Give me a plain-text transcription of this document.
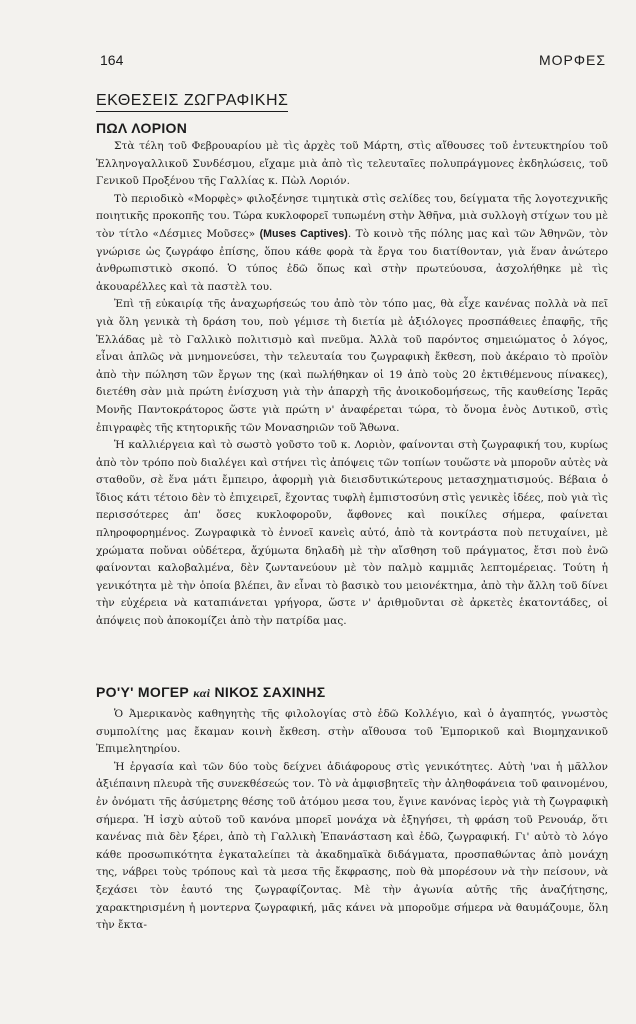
164	ΜΟΡΦΕΣ
ΕΚΘΕΣΕΙΣ ΖΩΓΡΑΦΙΚΗΣ
ΠΩΛ ΛΟΡΙΟΝ

Στὰ τέλη τοῦ Φεβρουαρίου μὲ τὶς ἀρχὲς τοῦ Μάρτη, στὶς αἴθουσες τοῦ ἐντευκτηρίου τοῦ Ἑλληνογαλλικοῦ Συνδέσμου, εἴχαμε μιὰ ἀπὸ τὶς τελευταῖες πολυπράγμονες ἐκδηλώσεις, τοῦ Γενικοῦ Προξένου τῆς Γαλλίας κ. Πὼλ Λοριόν.

Τὸ περιοδικὸ «Μορφὲς» φιλοξένησε τιμητικὰ στὶς σελίδες του, δείγματα τῆς λογοτεχνικῆς ποιητικῆς προκοπῆς του. Τώρα κυκλοφορεῖ τυπωμένη στὴν Ἀθῆνα, μιὰ συλλογὴ στίχων του μὲ τὸν τίτλο «Δέσμιες Μοῦσες» (Muses Captives). Τὸ κοινὸ τῆς πόλης μας καὶ τῶν Ἀθηνῶν, τὸν γνώρισε ὡς ζωγράφο ἐπίσης, ὅπου κάθε φορὰ τὰ ἔργα του διατίθονταν, γιὰ ἕναν ἀνώτερο ἀνθρωπιστικὸ σκοπό. Ὁ τύπος ἐδῶ ὅπως καὶ στὴν πρωτεύουσα, ἀσχολήθηκε μὲ τὶς ἀκουαρέλλες καὶ τὰ παστὲλ του.

Ἐπὶ τῇ εὐκαιρίᾳ τῆς ἀναχωρήσεώς του ἀπὸ τὸν τόπο μας, θὰ εἶχε κανένας πολλὰ νὰ πεῖ γιὰ ὅλη γενικὰ τὴ δράση του, ποὺ γέμισε τὴ διετία μὲ ἀξιόλογες προσπάθειες ἐπαφῆς, τῆς Ἑλλάδας μὲ τὸ Γαλλικὸ πολιτισμὸ καὶ πνεῦμα. Ἀλλὰ τοῦ παρόντος σημειώματος ὁ λόγος, εἶναι ἁπλῶς νὰ μνημονεύσει, τὴν τελευταία του ζωγραφικὴ ἔκθεση, ποὺ ἀκέραιο τὸ προϊὸν ἀπὸ τὴν πώληση τῶν ἔργων της (καὶ πωλήθηκαν οἱ 19 ἀπὸ τοὺς 20 ἐκτιθέμενους πίνακες), διετέθη σὰν μιὰ πρώτη ἐνίσχυση γιὰ τὴν ἀπαρχὴ τῆς ἀνοικοδομήσεως, τῆς καυθείσης Ἱερᾶς Μονῆς Παντοκράτορος ὥστε γιὰ πρώτη ν' ἀναφέρεται τώρα, τὸ ὄνομα ἑνὸς Δυτικοῦ, στὶς ἐπιγραφὲς τῆς κτητορικῆς τῶν Μονασηριῶν τοῦ Ἄθωνα.

Ἡ καλλιέργεια καὶ τὸ σωστὸ γοῦστο τοῦ κ. Λοριὸν, φαίνονται στὴ ζωγραφική του, κυρίως ἀπὸ τὸν τρόπο ποὺ διαλέγει καὶ στήνει τὶς ἀπόψεις τῶν τοπίων τουὥστε νὰ μποροῦν αὐτὲς νὰ σταθοῦν, σὲ ἕνα μάτι ἔμπειρο, ἀφορμὴ γιὰ διεισδυτικώτερους μετασχηματισμούς. Βέβαια ὁ ἴδιος κάτι τέτοιο δὲν τὸ ἐπιχειρεῖ, ἔχοντας τυφλὴ ἐμπιστοσύνη στὶς γενικὲς ἰδέες, ποὺ γιὰ τὶς περισσότερες ἀπ' ὅσες κυκλοφοροῦν, ἄφθονες καὶ ποικίλες σήμερα, φαίνεται πληροφορημένος. Ζωγραφικὰ τὸ ἐννοεῖ κανεὶς αὐτό, ἀπὸ τὰ κοντράστα ποὺ πετυχαίνει, μὲ χρώματα ποὔναι οὐδέτερα, ἄχύμωτα δηλαδὴ μὲ τὴν αἴσθηση τοῦ πράγματος, ἔτσι ποὺ ἐνῶ φαίνονται καλοβαλμένα, δὲν ζωντανεύουν μὲ τὸν παλμὸ καμμιᾶς λεπτομέρειας. Τούτη ἡ γενικότητα μὲ τὴν ὁποία βλέπει, ἂν εἶναι τὸ βασικὸ του μειονέκτημα, ἀπὸ τὴν ἄλλη τοῦ δίνει τὴν εὐχέρεια νὰ καταπιάνεται γρήγορα, ὥστε ν' ἀριθμοῦνται σὲ ἀρκετὲς ἑκατοντάδες, οἱ ἀπόψεις ποὺ ἀποκομίζει ἀπὸ τὴν πατρίδα μας.

ΡΟ'Υ' ΜΟΓΕΡ καὶ ΝΙΚΟΣ ΣΑΧΙΝΗΣ

Ὁ Ἀμερικανὸς καθηγητὴς τῆς φιλολογίας στὸ ἐδῶ Κολλέγιο, καὶ ὁ ἀγαπητός, γνωστὸς συμπολίτης μας ἔκαμαν κοινὴ ἔκθεση. στὴν αἴθουσα τοῦ Ἐμπορικοῦ καὶ Βιομηχανικοῦ Ἐπιμελητηρίου.

Ἡ ἐργασία καὶ τῶν δύο τοὺς δείχνει ἀδιάφορους στὶς γενικότητες. Αὐτὴ 'ναι ἡ μᾶλλον ἀξιέπαινη πλευρὰ τῆς συνεκθέσεώς τον. Τὸ νὰ ἀμφισβητεῖς τὴν ἀληθοφάνεια τοῦ φαινομένου, ἐν ὀνόματι τῆς ἀσύμετρης θέσης τοῦ ἀτόμου μεσα του, ἔγινε κανόνας ἱερὸς γιὰ τὴ ζωγραφικὴ σήμερα. Ἡ ἰσχὺ αὐτοῦ τοῦ κανόνα μπορεῖ μονάχα νὰ ἐξηγήσει, τὴ φράση τοῦ Ρενουάρ, ὅτι κανένας πιὰ δὲν ξέρει, ἀπὸ τὴ Γαλλικὴ Ἐπανάσταση καὶ ἐδῶ, ζωγραφική. Γι' αὐτὸ τὸ λόγο κάθε προσωπικότητα ἐγκαταλείπει τὰ ἀκαδημαϊκὰ διδάγματα, προσπαθώντας ἀπὸ μονάχη της, νάβρει τοὺς τρόπους καὶ τὰ μεσα τῆς ἔκφρασης, ποὺ θὰ μπορέσουν νὰ τὴν πείσουν, νὰ ξεχάσει τὸν ἑαυτό της ζωγραφίζοντας. Μὲ τὴν ἀγωνία αὐτῆς τῆς ἀναζήτησης, χαρακτηρισμένη ἡ μοντερνα ζωγραφική, μᾶς κάνει νὰ μποροῦμε σήμερα νὰ θαυμάζουμε, ὅλη τὴν ἔκτα-
